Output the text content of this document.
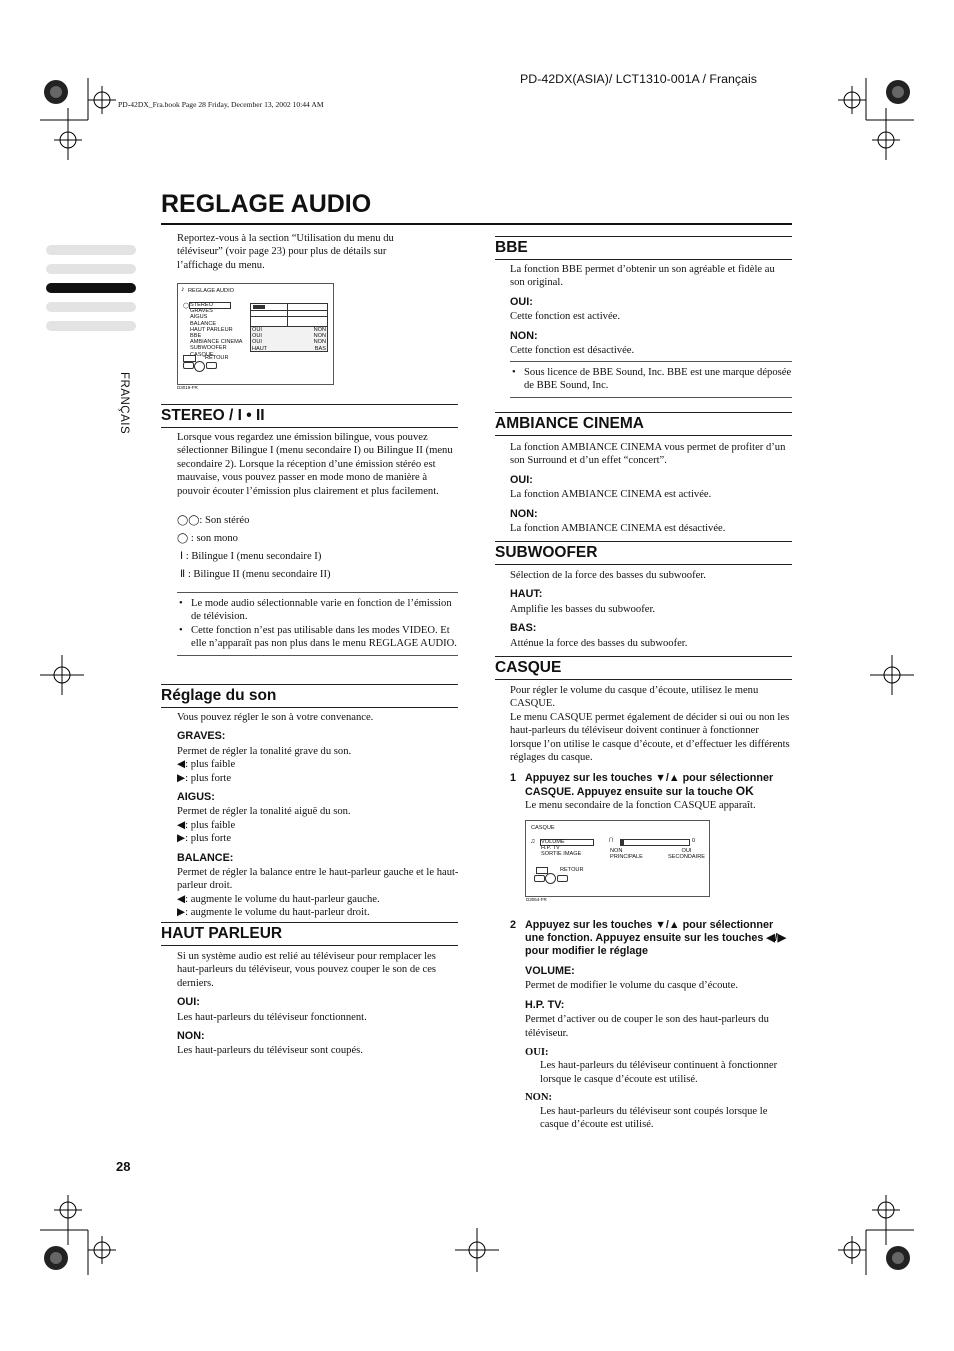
PD-42DX(ASIA)/ LCT1310-001A / Français
PD-42DX_Fra.book Page 28 Friday, December 13, 2002 10:44 AM
REGLAGE AUDIO
FRANÇAIS
Reportez-vous à la section “Utilisation du menu du téléviseur” (voir page 23) pour plus de détails sur l’affichage du menu.
♪ REGLAGE AUDIO
◯ STEREO
GRAVES
AIGUS
BALANCE
HAUT PARLEUR
BBE
AMBIANCE CINEMA
SUBWOOFER
CASQUE
OUI
OUI
OUI
HAUT
NON
NON
NON
BAS
RETOUR
D3019-FR
STEREO / I • II
Lorsque vous regardez une émission bilingue, vous pouvez sélectionner Bilingue I (menu secondaire I) ou Bilingue II (menu secondaire 2). Lorsque la réception d’une émission stéréo est mauvaise, vous pouvez passer en mode mono de manière à pouvoir écouter l’émission plus clairement et plus facilement.
◯◯: Son stéréo
◯ : son mono
Ⅰ : Bilingue I (menu secondaire I)
Ⅱ : Bilingue II (menu secondaire II)
• Le mode audio sélectionnable varie en fonction de l’émission de télévision.
• Cette fonction n’est pas utilisable dans les modes VIDEO. Et elle n’apparaît pas non plus dans le menu REGLAGE AUDIO.
Réglage du son

Vous pouvez régler le son à votre convenance.

GRAVES:

Permet de régler la tonalité grave du son.

◀: plus faible

▶: plus forte

AIGUS:

Permet de régler la tonalité aiguë du son.

◀: plus faible

▶: plus forte

BALANCE:

Permet de régler la balance entre le haut-parleur gauche et le haut-parleur droit.

◀: augmente le volume du haut-parleur gauche.

▶: augmente le volume du haut-parleur droit.

HAUT PARLEUR

Si un système audio est relié au téléviseur pour remplacer les haut-parleurs du téléviseur, vous pouvez couper le son de ces derniers.

OUI:

Les haut-parleurs du téléviseur fonctionnent.

NON:

Les haut-parleurs du téléviseur sont coupés.

BBE

La fonction BBE permet d’obtenir un son agréable et fidèle au son original.

OUI:

Cette fonction est activée.

NON:

Cette fonction est désactivée.

• Sous licence de BBE Sound, Inc. BBE est une marque déposée de BBE Sound, Inc.
AMBIANCE CINEMA

La fonction AMBIANCE CINEMA vous permet de profiter d’un son Surround et d’un effet “concert”.

OUI:

La fonction AMBIANCE CINEMA est activée.

NON:

La fonction AMBIANCE CINEMA est désactivée.

SUBWOOFER

Sélection de la force des basses du subwoofer.

HAUT:

Amplifie les basses du subwoofer.

BAS:

Atténue la force des basses du subwoofer.

CASQUE
Pour régler le volume du casque d’écoute, utilisez le menu CASQUE.
Le menu CASQUE permet également de décider si oui ou non les haut-parleurs du téléviseur doivent continuer à fonctionner lorsque l’on utilise le casque d’écoute, et d’effectuer les différents réglages du casque.
1 Appuyez sur les touches ▼/▲ pour sélectionner CASQUE. Appuyez ensuite sur la touche OK
Le menu secondaire de la fonction CASQUE apparaît.
CASQUE
♫ VOLUME
H.P. TV
SORTIE IMAGE
∩	0
NON
PRINCIPALE
OUI
SECONDAIRE
RETOUR
D3064-FR
2 Appuyez sur les touches ▼/▲ pour sélectionner une fonction. Appuyez ensuite sur les touches ◀/▶ pour modifier le réglage
VOLUME:

Permet de modifier le volume du casque d’écoute.

H.P. TV:

Permet d’activer ou de couper le son des haut-parleurs du téléviseur.

OUI:

Les haut-parleurs du téléviseur continuent à fonctionner lorsque le casque d’écoute est utilisé.

NON:

Les haut-parleurs du téléviseur sont coupés lorsque le casque d’écoute est utilisé.

28
